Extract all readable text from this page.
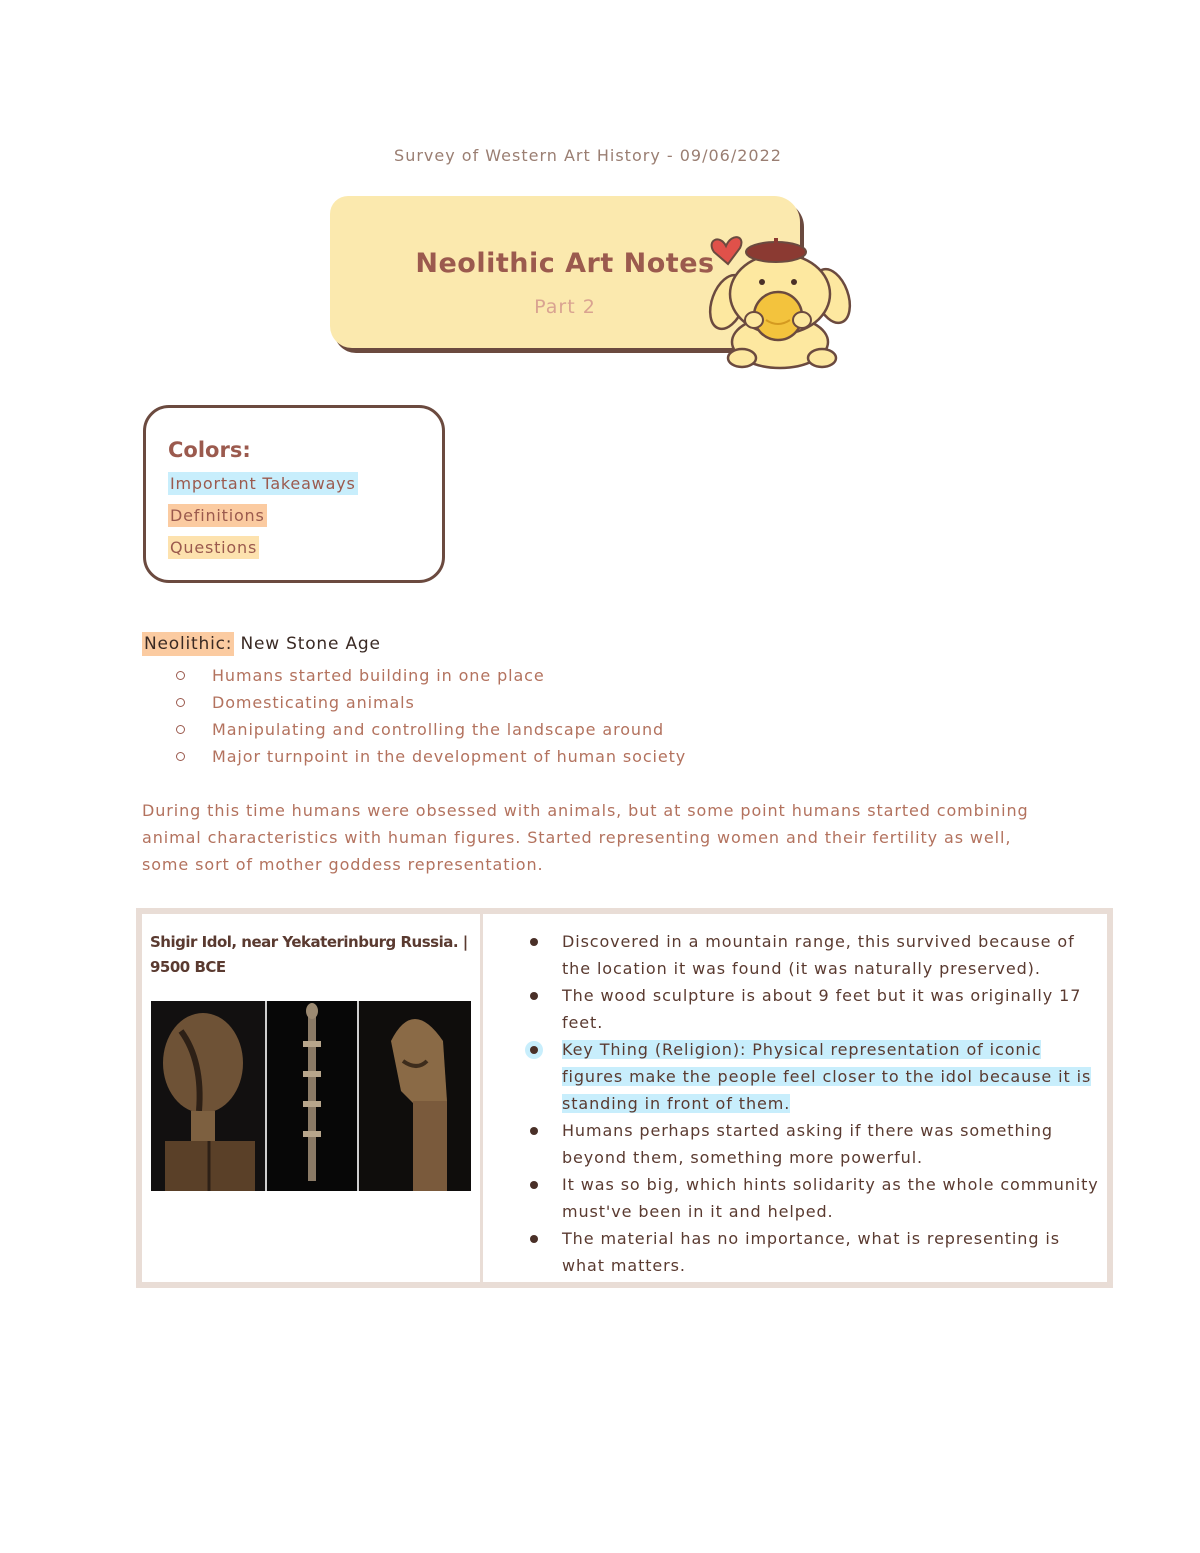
Survey of Western Art History - 09/06/2022
Neolithic Art Notes
Part 2
Colors:
Important Takeaways
Definitions
Questions
Neolithic: New Stone Age
Humans started building in one place
Domesticating animals
Manipulating and controlling the landscape around
Major turnpoint in the development of human society
During this time humans were obsessed with animals, but at some point humans started combining animal characteristics with human figures. Started representing women and their fertility as well, some sort of mother goddess representation.
Shigir Idol, near Yekaterinburg Russia. | 9500 BCE
Discovered in a mountain range, this survived because of the location it was found (it was naturally preserved).
The wood sculpture is about 9 feet but it was originally 17 feet.
Key Thing (Religion): Physical representation of iconic figures make the people feel closer to the idol because it is standing in front of them.
Humans perhaps started asking if there was something beyond them, something more powerful.
It was so big, which hints solidarity as the whole community must've been in it and helped.
The material has no importance, what is representing is what matters.
